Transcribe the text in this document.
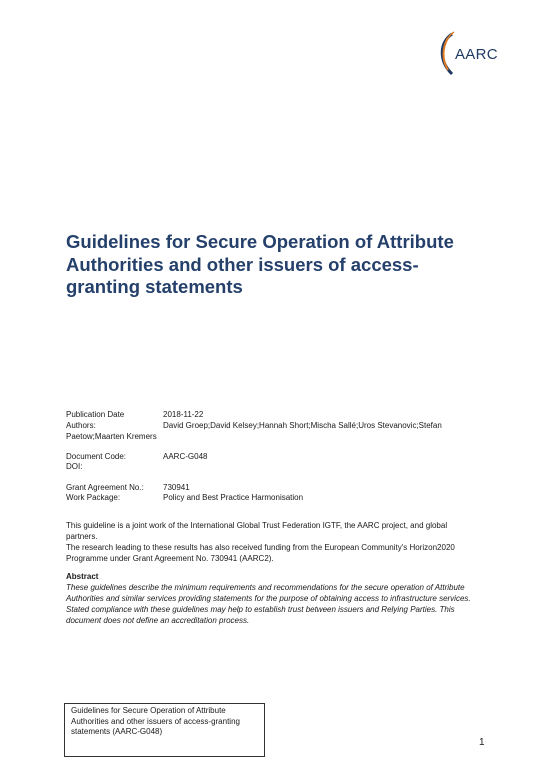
AARC
Guidelines for Secure Operation of Attribute Authorities and other issuers of access-granting statements
Publication Date	2018-11-22
Authors:	David Groep;David Kelsey;Hannah Short;Mischa Sallé;Uros Stevanovic;Stefan Paetow;Maarten Kremers
Document Code:	AARC-G048
DOI:
Grant Agreement No.: 730941
Work Package:	Policy and Best Practice Harmonisation

This guideline is a joint work of the International Global Trust Federation IGTF, the AARC project, and global partners.

The research leading to these results has also received funding from the European Community's Horizon2020 Programme under Grant Agreement No. 730941 (AARC2).

Abstract

These guidelines describe the minimum requirements and recommendations for the secure operation of Attribute Authorities and similar services providing statements for the purpose of obtaining access to infrastructure services. Stated compliance with these guidelines may help to establish trust between issuers and Relying Parties. This document does not define an accreditation process.

Guidelines for Secure Operation of Attribute Authorities and other issuers of access-granting statements (AARC-G048)
1
